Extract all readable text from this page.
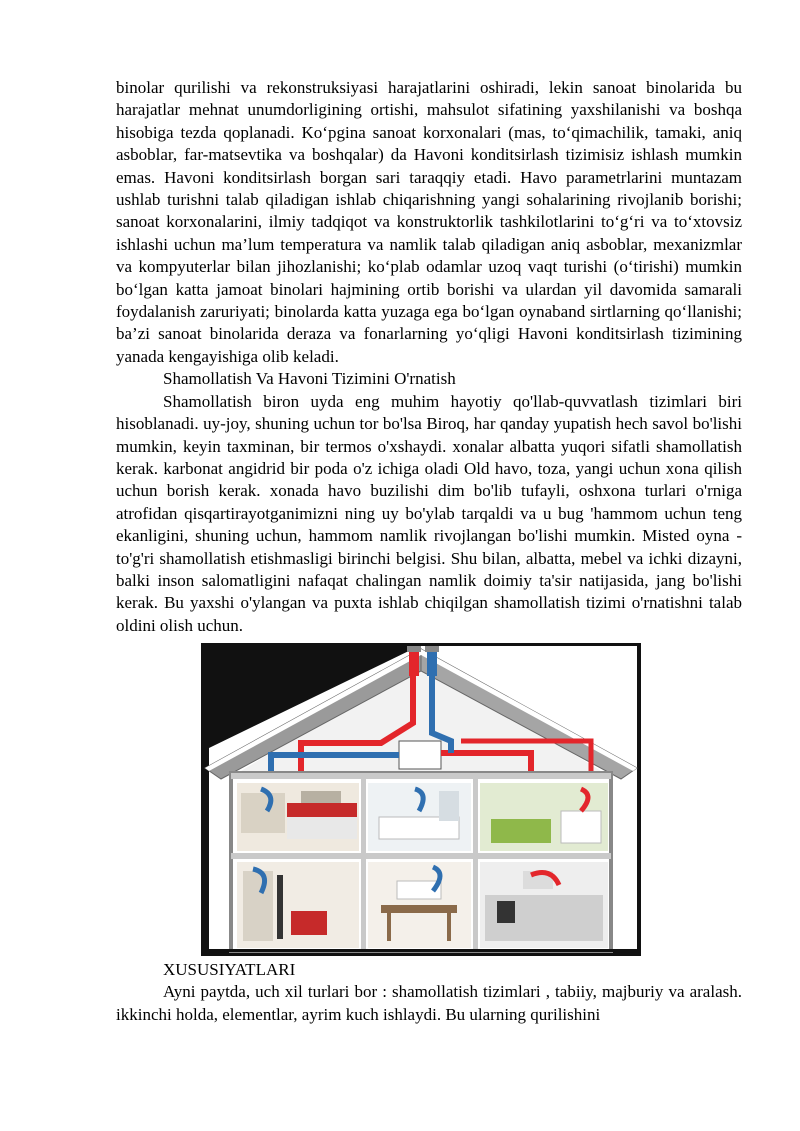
binolar qurilishi va rekonstruksiyasi harajatlarini oshiradi, lekin sanoat binolarida bu harajatlar mehnat unumdorligining ortishi, mahsulot sifatining yaxshilanishi va boshqa hisobiga tezda qoplanadi. Ko‘pgina sanoat korxonalari (mas, to‘qimachilik, tamaki, aniq asboblar, far-matsevtika va boshqalar) da Havoni konditsirlash tizimisiz ishlash mumkin emas. Havoni konditsirlash borgan sari taraqqiy etadi. Havo parametrlarini muntazam ushlab turishni talab qiladigan ishlab chiqarishning yangi sohalarining rivojlanib borishi; sanoat korxonalarini, ilmiy tadqiqot va konstruktorlik tashkilotlarini to‘g‘ri va to‘xtovsiz ishlashi uchun ma’lum temperatura va namlik talab qiladigan aniq asboblar, mexanizmlar va kompyuterlar bilan jihozlanishi; ko‘plab odamlar uzoq vaqt turishi (o‘tirishi) mumkin bo‘lgan katta jamoat binolari hajmining ortib borishi va ulardan yil davomida samarali foydalanish zaruriyati; binolarda katta yuzaga ega bo‘lgan oynaband sirtlarning qo‘llanishi; ba’zi sanoat binolarida deraza va fonarlarning yo‘qligi Havoni konditsirlash tizimining yanada kengayishiga olib keladi.

Shamollatish Va Havoni Tizimini O'rnatish

Shamollatish biron uyda eng muhim hayotiy qo'llab-quvvatlash tizimlari biri hisoblanadi. uy-joy, shuning uchun tor bo'lsa Biroq, har qanday yupatish hech savol bo'lishi mumkin, keyin taxminan, bir termos o'xshaydi. xonalar albatta yuqori sifatli shamollatish kerak. karbonat angidrid bir poda o'z ichiga oladi Old havo, toza, yangi uchun xona qilish uchun borish kerak. xonada havo buzilishi dim bo'lib tufayli, oshxona turlari o'rniga atrofidan qisqartirayotganimizni ning uy bo'ylab tarqaldi va u bug 'hammom uchun teng ekanligini, shuning uchun, hammom namlik rivojlangan bo'lishi mumkin. Misted oyna - to'g'ri shamollatish etishmasligi birinchi belgisi. Shu bilan, albatta, mebel va ichki dizayni, balki inson salomatligini nafaqat chalingan namlik doimiy ta'sir natijasida, jang bo'lishi kerak. Bu yaxshi o'ylangan va puxta ishlab chiqilgan shamollatish tizimi o'rnatishni talab oldini olish uchun.

XUSUSIYATLARI

Ayni paytda, uch xil turlari bor : shamollatish tizimlari , tabiiy, majburiy va aralash. ikkinchi holda, elementlar, ayrim kuch ishlaydi. Bu ularning qurilishini
